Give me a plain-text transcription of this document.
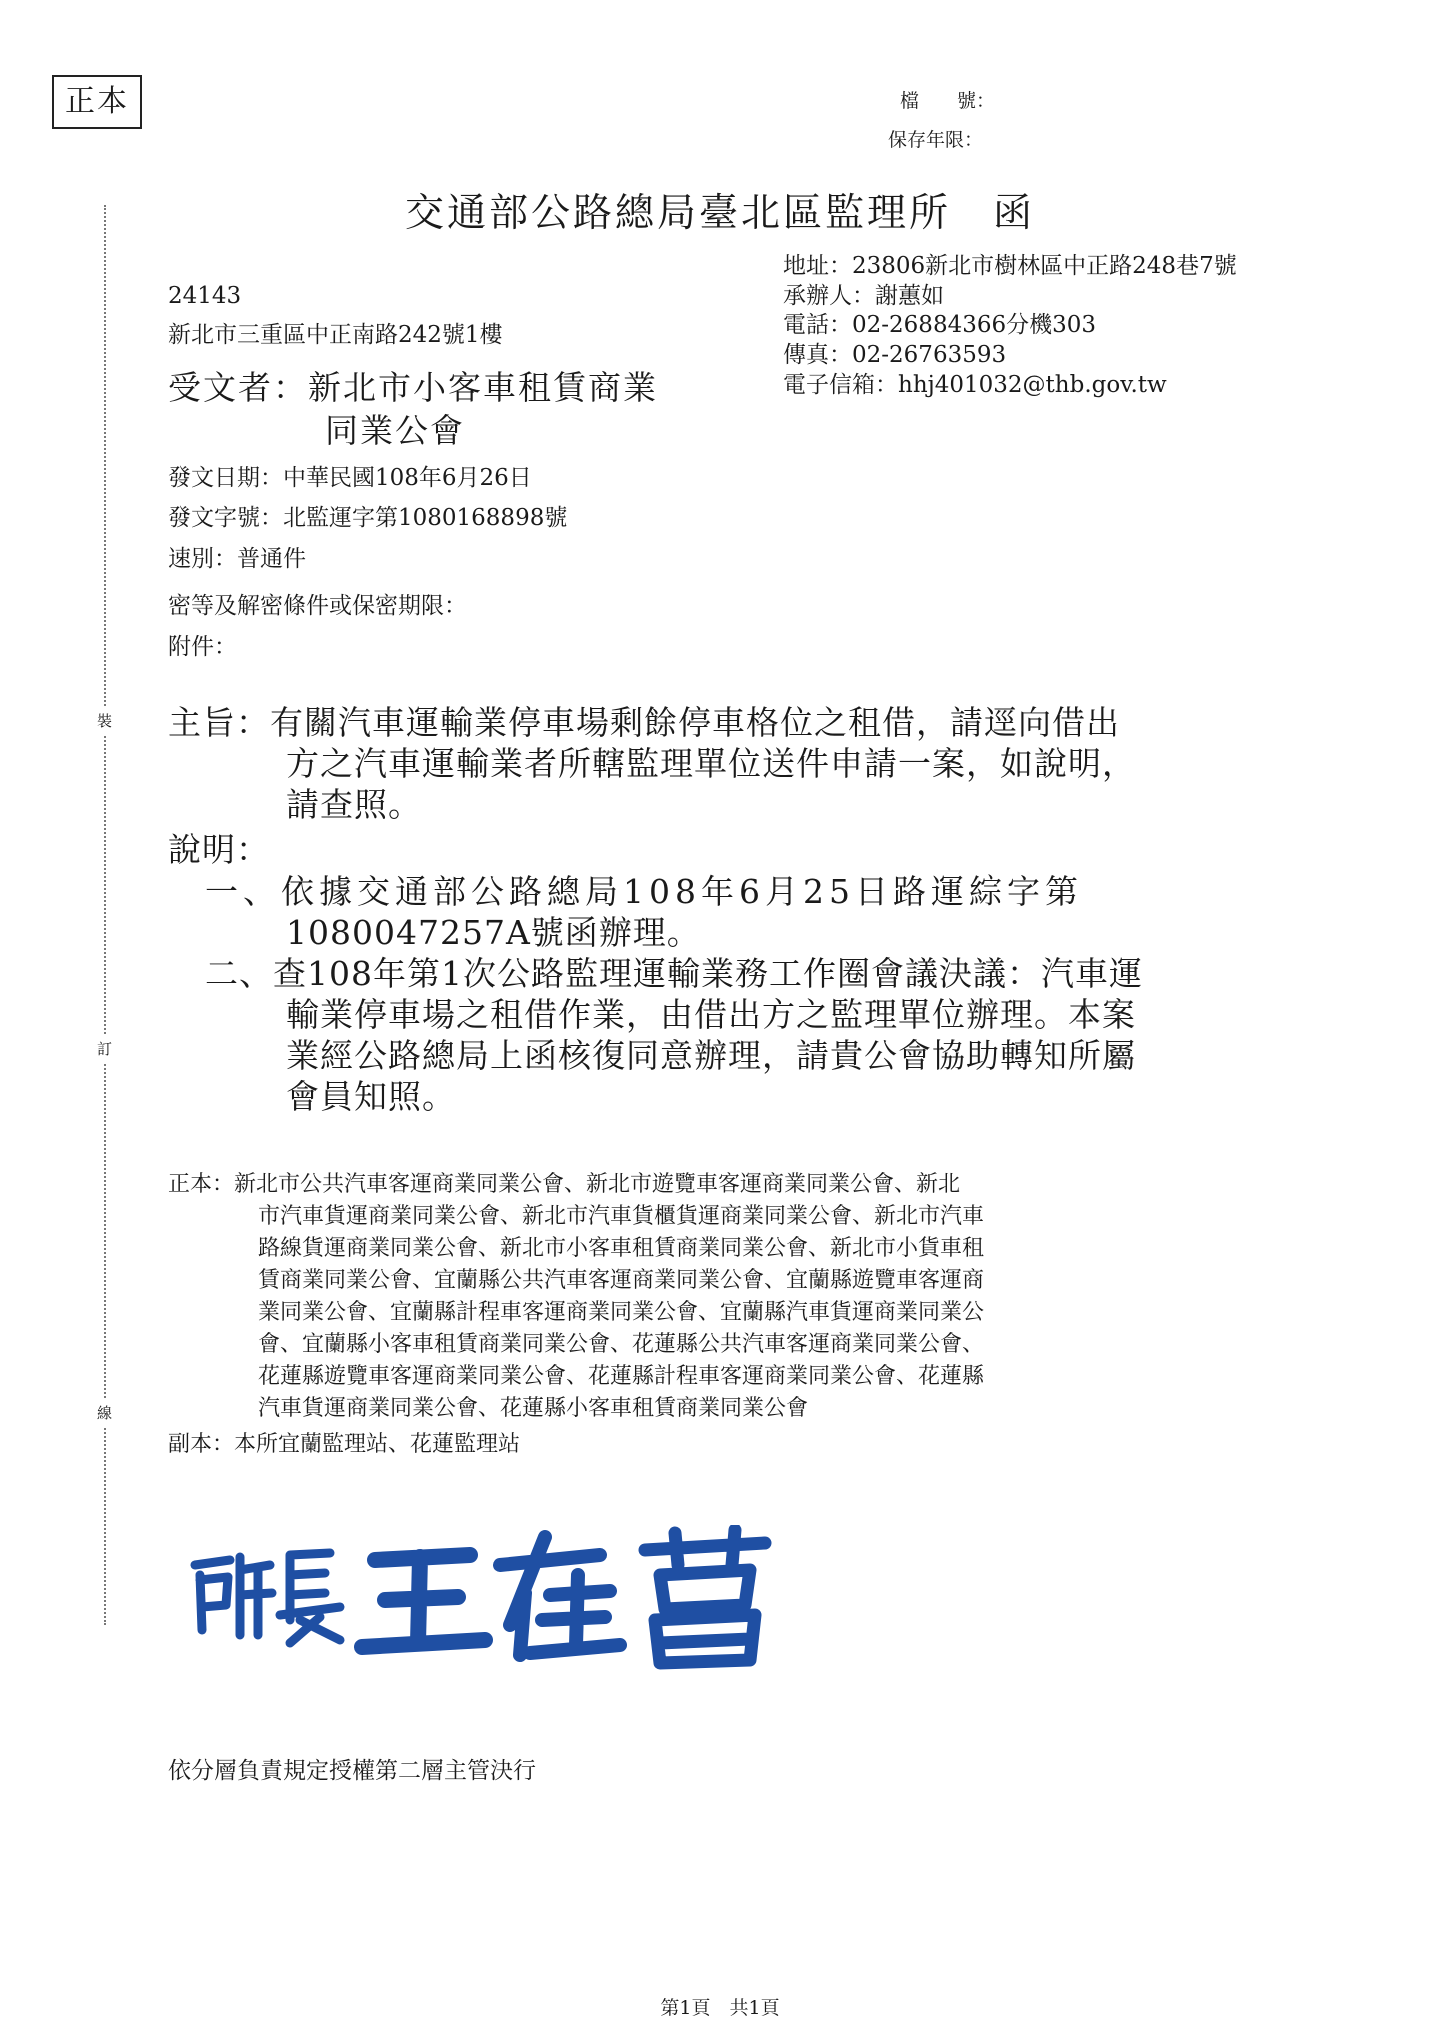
正本	檔　　號：
保存年限：
裝
訂
線
交通部公路總局臺北區監理所　函
地址：23806新北市樹林區中正路248巷7號
承辦人：謝蕙如
電話：02-26884366分機303
傳真：02-26763593
電子信箱：hhj401032@thb.gov.tw
24143
新北市三重區中正南路242號1樓
受文者：新北市小客車租賃商業
同業公會
發文日期：中華民國108年6月26日
發文字號：北監運字第1080168898號
速別：普通件
密等及解密條件或保密期限：
附件：
主旨：有關汽車運輸業停車場剩餘停車格位之租借，請逕向借出
方之汽車運輸業者所轄監理單位送件申請一案，如說明，
請查照。
說明：
一、依據交通部公路總局108年6月25日路運綜字第
1080047257A號函辦理。
二、查108年第1次公路監理運輸業務工作圈會議決議：汽車運
輸業停車場之租借作業，由借出方之監理單位辦理。本案
業經公路總局上函核復同意辦理，請貴公會協助轉知所屬
會員知照。
正本：新北市公共汽車客運商業同業公會、新北市遊覽車客運商業同業公會、新北
市汽車貨運商業同業公會、新北市汽車貨櫃貨運商業同業公會、新北市汽車
路線貨運商業同業公會、新北市小客車租賃商業同業公會、新北市小貨車租
賃商業同業公會、宜蘭縣公共汽車客運商業同業公會、宜蘭縣遊覽車客運商
業同業公會、宜蘭縣計程車客運商業同業公會、宜蘭縣汽車貨運商業同業公
會、宜蘭縣小客車租賃商業同業公會、花蓮縣公共汽車客運商業同業公會、
花蓮縣遊覽車客運商業同業公會、花蓮縣計程車客運商業同業公會、花蓮縣
汽車貨運商業同業公會、花蓮縣小客車租賃商業同業公會
副本：本所宜蘭監理站、花蓮監理站
依分層負責規定授權第二層主管決行
第1頁　共1頁
